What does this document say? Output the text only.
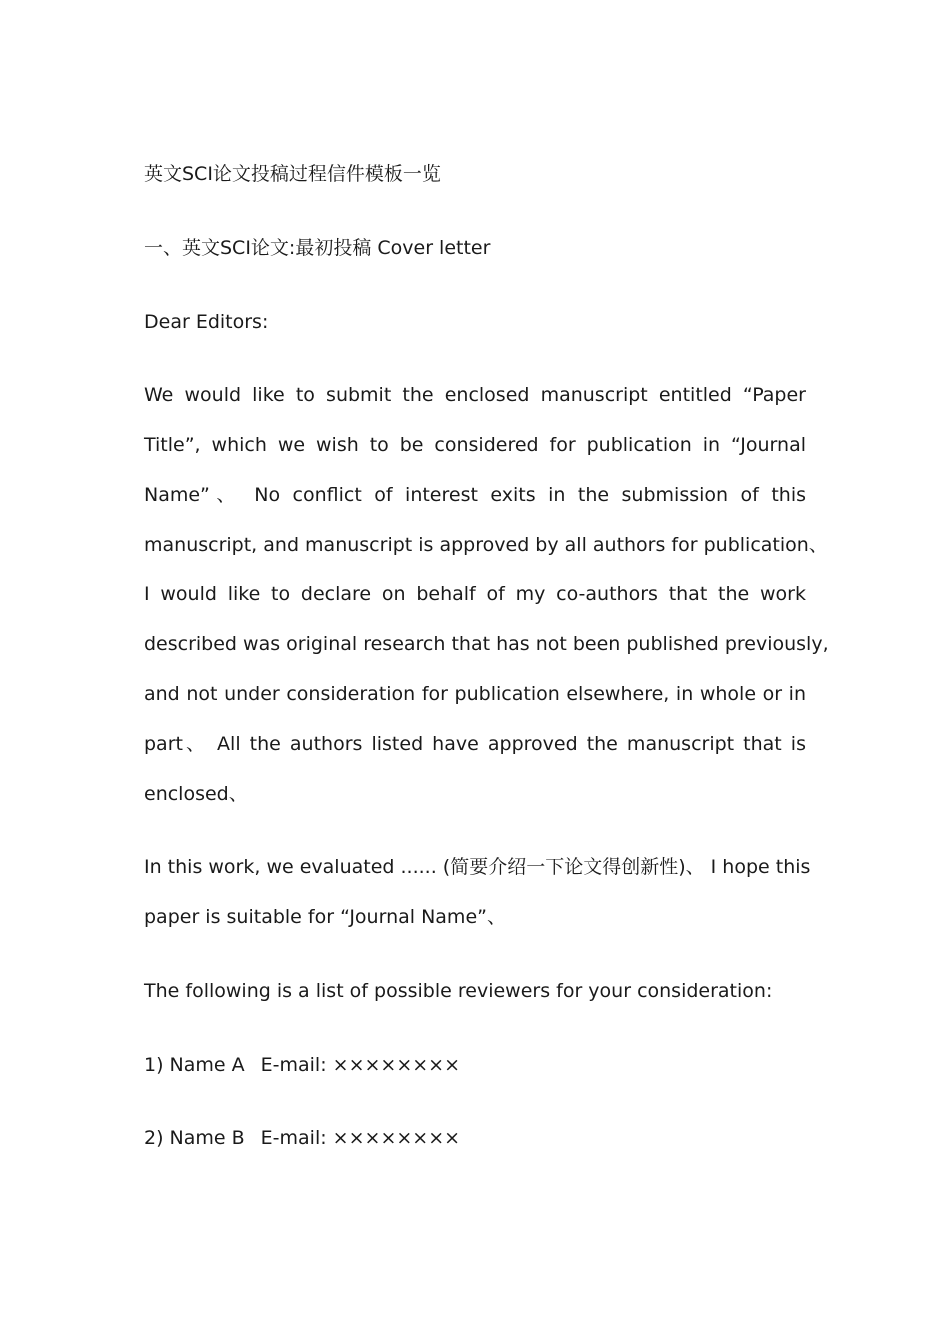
英文SCI论文投稿过程信件模板一览
一、英文SCI论文:最初投稿 Cover letter
Dear Editors:
We would like to submit the enclosed manuscript entitled “Paper
Title”, which we wish to be considered for publication in “Journal
Name”、 No conflict of interest exits in the submission of this
manuscript, and manuscript is approved by all authors for publication、
I would like to declare on behalf of my co-authors that the work
described was original research that has not been published previously,
and not under consideration for publication elsewhere, in whole or in
part、 All the authors listed have approved the manuscript that is
enclosed、
In this work, we evaluated ...... (简要介绍一下论文得创新性)、 I hope this
paper is suitable for “Journal Name”、
The following is a list of possible reviewers for your consideration:
1) Name A E-mail: ××××××××
2) Name B E-mail: ××××××××
